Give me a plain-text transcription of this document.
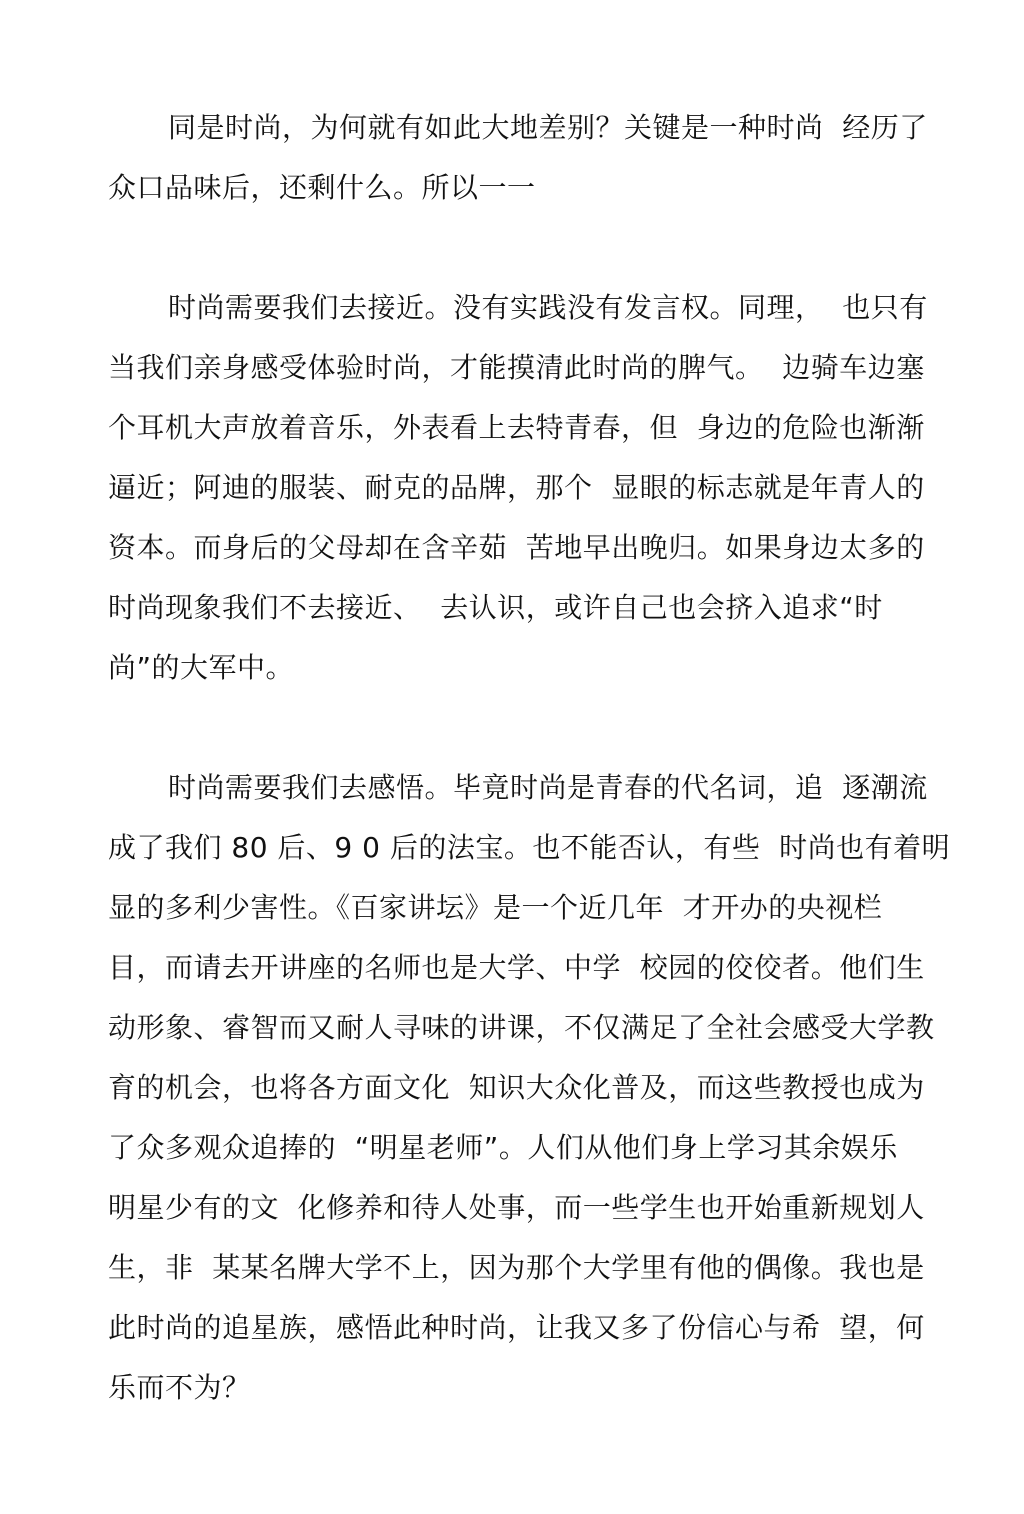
同是时尚，为何就有如此大地差别？关键是一种时尚  经历了

众口品味后，还剩什么。所以一一

时尚需要我们去接近。没有实践没有发言权。同理，  也只有

当我们亲身感受体验时尚，才能摸清此时尚的脾气。  边骑车边塞

个耳机大声放着音乐，外表看上去特青春，但  身边的危险也渐渐

逼近；阿迪的服装、耐克的品牌，那个  显眼的标志就是年青人的

资本。而身后的父母却在含辛茹  苦地早出晚归。如果身边太多的

时尚现象我们不去接近、  去认识，或许自己也会挤入追求“时

尚”的大军中。

时尚需要我们去感悟。毕竟时尚是青春的代名词，追  逐潮流

成了我们 80 后、9 0 后的法宝。也不能否认，有些  时尚也有着明

显的多利少害性。《百家讲坛》是一个近几年  才开办的央视栏

目，而请去开讲座的名师也是大学、中学  校园的佼佼者。他们生

动形象、睿智而又耐人寻味的讲课，不仅满足了全社会感受大学教

育的机会，也将各方面文化  知识大众化普及，而这些教授也成为

了众多观众追捧的  “明星老师”。人们从他们身上学习其余娱乐

明星少有的文  化修养和待人处事，而一些学生也开始重新规划人

生，非  某某名牌大学不上，因为那个大学里有他的偶像。我也是

此时尚的追星族，感悟此种时尚，让我又多了份信心与希  望，何

乐而不为？
